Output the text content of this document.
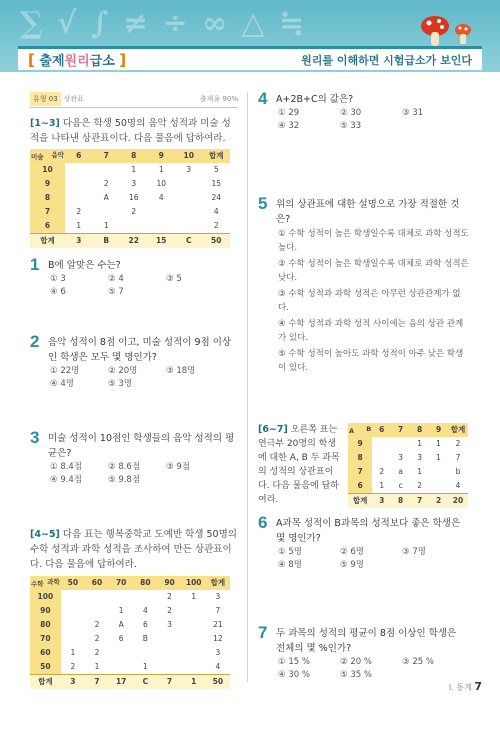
∑ √ ∫ ≠ ÷ ∞ △ ≒
[ 출제원리급소 ]	원리를 이해하면 시험급소가 보인다
유형 03 상관표	출제율 90%
[1~3] 다음은 학생 50명의 음악 성적과 미술 성적을 나타낸 상관표이다. 다음 물음에 답하여라.
음악
미술	6	7	8	9	10	합계
10			1	1	3	5
9		2	3	10		15
8		A	16	4		24
7	2		2			4
6	1	1				2
합계	3	B	22	15	C	50
1 B에 알맞은 수는?
① 3	② 4	③ 5
④ 6	⑤ 7
2 음악 성적이 8점 이고, 미술 성적이 9점 이상인 학생은 모두 몇 명인가?
① 22명	② 20명	③ 18명
④ 4명	⑤ 3명
3 미술 성적이 10점인 학생들의 음악 성적의 평균은?
① 8.4점	② 8.6점	③ 9점
④ 9.4점	⑤ 9.8점
[4~5] 다음 표는 행복중학교 도예반 학생 50명의 수학 성적과 과학 성적을 조사하여 만든 상관표이다. 다음 물음에 답하여라.
과학
수학	50	60	70	80	90	100	합계
100					2	1	3
90			1	4	2		7
80		2	A	6	3		21
70		2	6	B			12
60	1	2					3
50	2	1		1			4
합계	3	7	17	C	7	1	50
4 A+2B+C의 값은?
① 29	② 30	③ 31
④ 32	⑤ 33
5 위의 상관표에 대한 설명으로 가장 적절한 것은?
① 수학 성적이 높은 학생일수록 대체로 과학 성적도 높다.
② 수학 성적이 높은 학생일수록 대체로 과학 성적은 낮다.
③ 수학 성적과 과학 성적은 아무런 상관관계가 없다.
④ 수학 성적과 과학 성적 사이에는 음의 상관 관계가 있다.
⑤ 수학 성적이 높아도 과학 성적이 아주 낮은 학생이 있다.
[6~7] 오른쪽 표는 연극부 20명의 학생에 대한 A, B 두 과목의 성적의 상관표이다. 다음 물음에 답하여라.
B
A	6	7	8	9	합계
9			1	1	2
8		3	3	1	7
7	2	a	1		b
6	1	c	2		4
합계	3	8	7	2	20
6 A과목 성적이 B과목의 성적보다 좋은 학생은 몇 명인가?
① 5명	② 6명	③ 7명
④ 8명	⑤ 9명
7 두 과목의 성적의 평균이 8점 이상인 학생은 전체의 몇 %인가?
① 15 %	② 20 %	③ 25 %
④ 30 %	⑤ 35 %
I. 통계 7
